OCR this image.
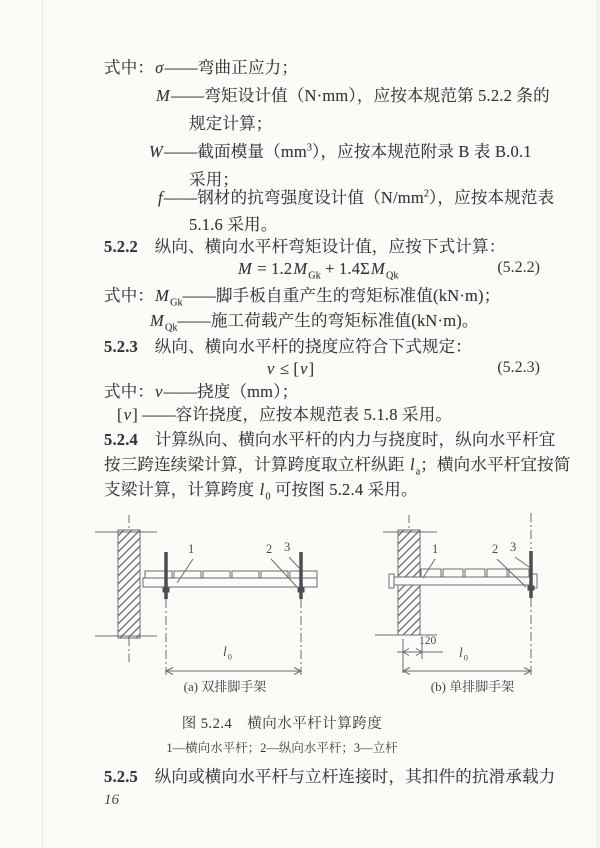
式中：σ——弯曲正应力；
M——弯矩设计值（N·mm），应按本规范第 5.2.2 条的
规定计算；
W——截面模量$(mm^3)$，应按本规范附录 B 表 B.0.1
采用；
f——钢材的抗弯强度设计值$(N/mm^2)$，应按本规范表
5.1.6 采用。
5.2.2　纵向、横向水平杆弯矩设计值，应按下式计算：
$M = 1.2M_{Gk} + 1.4\Sigma M_{Qk}$	(5.2.2)
式中：$M_{Gk}——$脚手板自重产生的弯矩标准值(kN·m)；
$M_{Qk}——$施工荷载产生的弯矩标准值(kN·m)。
5.2.3　纵向、横向水平杆的挠度应符合下式规定：
v ≤ [v]	(5.2.3)
式中：v——挠度（mm）；
[v] ——容许挠度，应按本规范表 5.1.8 采用。
5.2.4　计算纵向、横向水平杆的内力与挠度时，纵向水平杆宜
按三跨连续梁计算，计算跨度取立杆纵距 $l_a$；横向水平杆宜按简
支梁计算，计算跨度 $l_0$ 可按图 5.2.4 采用。
1	2 3
$l_0$
(a) 双排脚手架
1	2 3
120
$l_0$
(b) 单排脚手架
图 5.2.4　横向水平杆计算跨度
1—横向水平杆；2—纵向水平杆；3—立杆
5.2.5　纵向或横向水平杆与立杆连接时，其扣件的抗滑承载力
16
